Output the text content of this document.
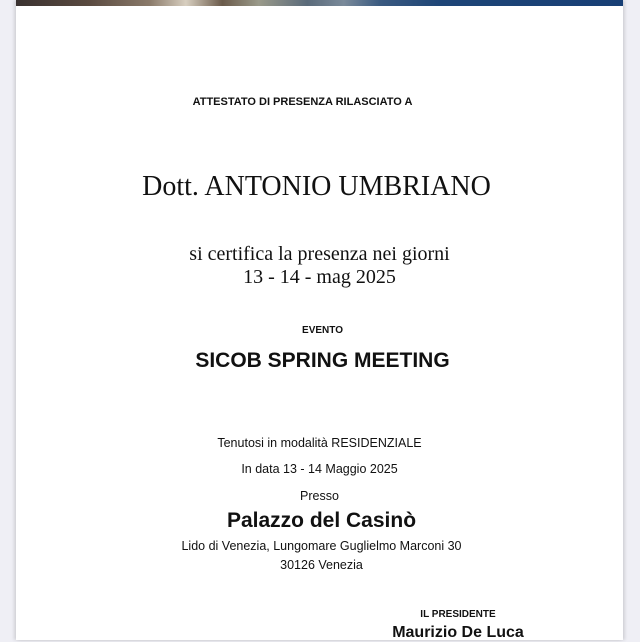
ATTESTATO DI PRESENZA RILASCIATO A
Dott. ANTONIO UMBRIANO
si certifica la presenza nei giorni
13 - 14 - mag 2025
EVENTO
SICOB SPRING MEETING
Tenutosi in modalità RESIDENZIALE
In data 13 - 14 Maggio 2025
Presso
Palazzo del Casinò
Lido di Venezia, Lungomare Guglielmo Marconi 30
30126 Venezia
IL PRESIDENTE
Maurizio De Luca
